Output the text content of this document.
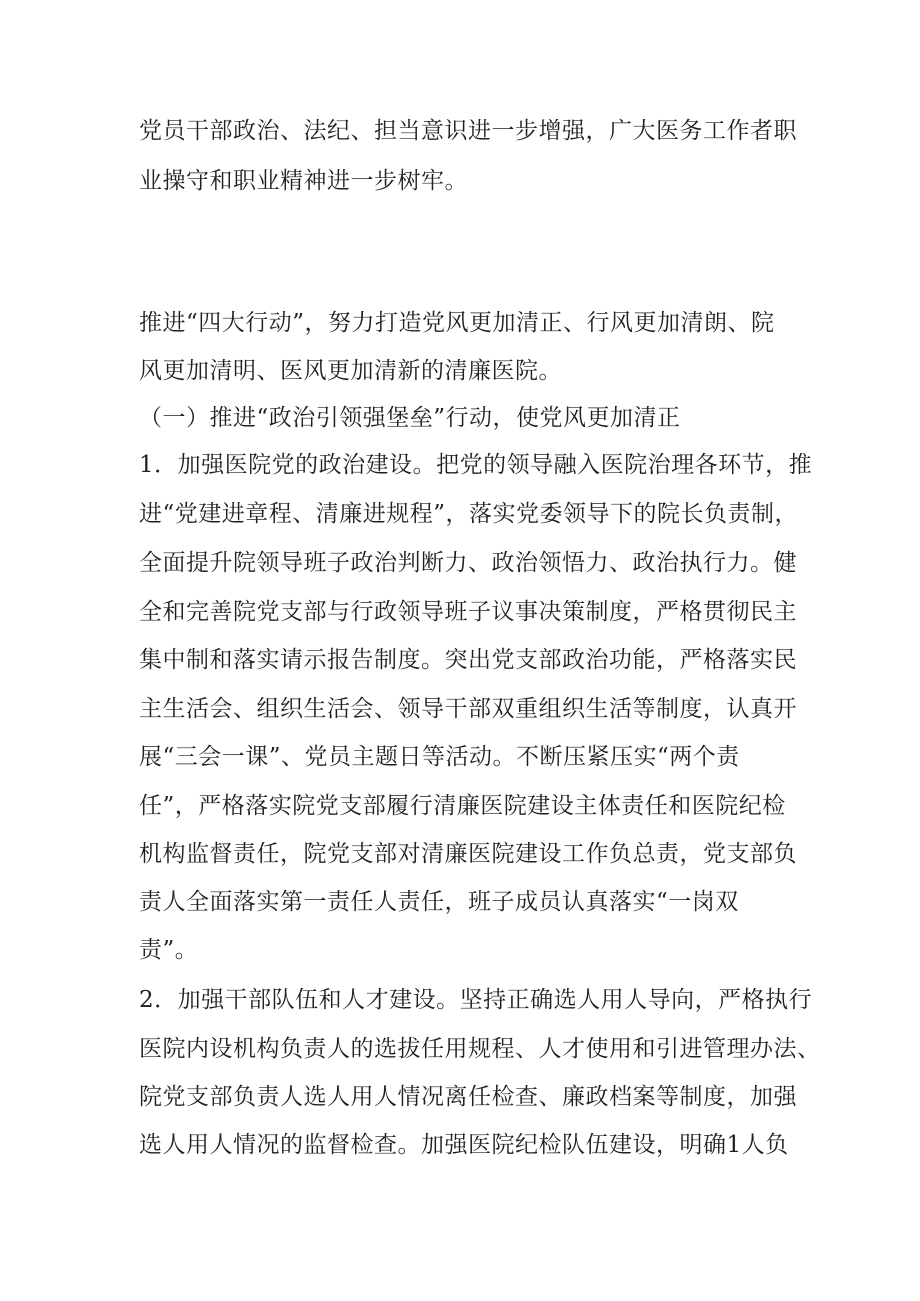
党员干部政治、法纪、担当意识进一步增强，广大医务工作者职
业操守和职业精神进一步树牢。
推进“四大行动”，努力打造党风更加清正、行风更加清朗、院
风更加清明、医风更加清新的清廉医院。
（一）推进“政治引领强堡垒”行动，使党风更加清正
1．加强医院党的政治建设。把党的领导融入医院治理各环节，推
进“党建进章程、清廉进规程”，落实党委领导下的院长负责制，
全面提升院领导班子政治判断力、政治领悟力、政治执行力。健
全和完善院党支部与行政领导班子议事决策制度，严格贯彻民主
集中制和落实请示报告制度。突出党支部政治功能，严格落实民
主生活会、组织生活会、领导干部双重组织生活等制度，认真开
展“三会一课”、党员主题日等活动。不断压紧压实“两个责
任”，严格落实院党支部履行清廉医院建设主体责任和医院纪检
机构监督责任，院党支部对清廉医院建设工作负总责，党支部负
责人全面落实第一责任人责任，班子成员认真落实“一岗双
责”。
2．加强干部队伍和人才建设。坚持正确选人用人导向，严格执行
医院内设机构负责人的选拔任用规程、人才使用和引进管理办法、
院党支部负责人选人用人情况离任检查、廉政档案等制度，加强
选人用人情况的监督检查。加强医院纪检队伍建设，明确1人负
